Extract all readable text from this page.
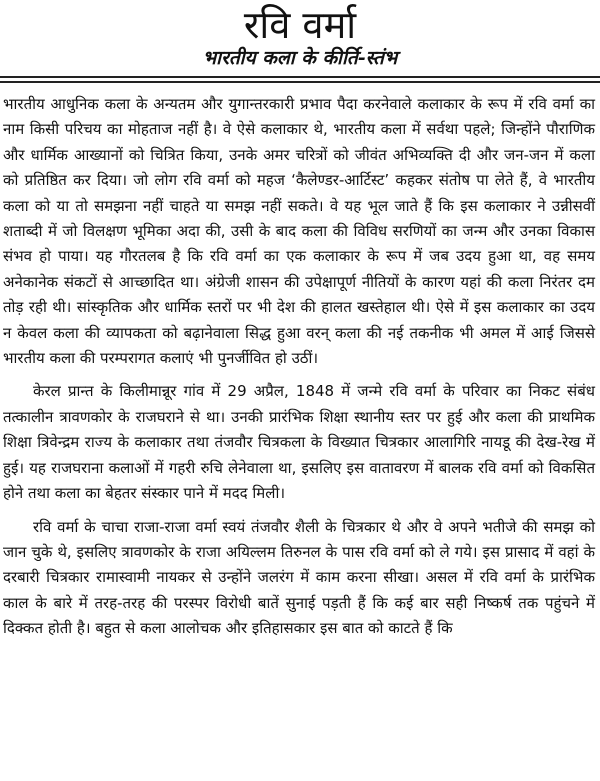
रवि वर्मा
भारतीय कला के कीर्ति-स्तंभ

भारतीय आधुनिक कला के अन्यतम और युगान्तरकारी प्रभाव पैदा करनेवाले कलाकार के रूप में रवि वर्मा का नाम किसी परिचय का मोहताज नहीं है। वे ऐसे कलाकार थे, भारतीय कला में सर्वथा पहले; जिन्होंने पौराणिक और धार्मिक आख्यानों को चित्रित किया, उनके अमर चरित्रों को जीवंत अभिव्यक्ति दी और जन-जन में कला को प्रतिष्ठित कर दिया। जो लोग रवि वर्मा को महज ‘कैलेण्डर-आर्टिस्ट’ कहकर संतोष पा लेते हैं, वे भारतीय कला को या तो समझना नहीं चाहते या समझ नहीं सकते। वे यह भूल जाते हैं कि इस कलाकार ने उन्नीसवीं शताब्दी में जो विलक्षण भूमिका अदा की, उसी के बाद कला की विविध सरणियों का जन्म और उनका विकास संभव हो पाया। यह गौरतलब है कि रवि वर्मा का एक कलाकार के रूप में जब उदय हुआ था, वह समय अनेकानेक संकटों से आच्छादित था। अंग्रेजी शासन की उपेक्षापूर्ण नीतियों के कारण यहां की कला निरंतर दम तोड़ रही थी। सांस्कृतिक और धार्मिक स्तरों पर भी देश की हालत खस्तेहाल थी। ऐसे में इस कलाकार का उदय न केवल कला की व्यापकता को बढ़ानेवाला सिद्ध हुआ वरन् कला की नई तकनीक भी अमल में आई जिससे भारतीय कला की परम्परागत कलाएं भी पुनर्जीवित हो उठीं।

केरल प्रान्त के किलीमान्नूर गांव में 29 अप्रैल, 1848 में जन्मे रवि वर्मा के परिवार का निकट संबंध तत्कालीन त्रावणकोर के राजघराने से था। उनकी प्रारंभिक शिक्षा स्थानीय स्तर पर हुई और कला की प्राथमिक शिक्षा त्रिवेन्द्रम राज्य के कलाकार तथा तंजवौर चित्रकला के विख्यात चित्रकार आलागिरि नायडू की देख-रेख में हुई। यह राजघराना कलाओं में गहरी रुचि लेनेवाला था, इसलिए इस वातावरण में बालक रवि वर्मा को विकसित होने तथा कला का बेहतर संस्कार पाने में मदद मिली।

रवि वर्मा के चाचा राजा-राजा वर्मा स्वयं तंजवौर शैली के चित्रकार थे और वे अपने भतीजे की समझ को जान चुके थे, इसलिए त्रावणकोर के राजा अयिल्लम तिरुनल के पास रवि वर्मा को ले गये। इस प्रासाद में वहां के दरबारी चित्रकार रामास्वामी नायकर से उन्होंने जलरंग में काम करना सीखा। असल में रवि वर्मा के प्रारंभिक काल के बारे में तरह-तरह की परस्पर विरोधी बातें सुनाई पड़ती हैं कि कई बार सही निष्कर्ष तक पहुंचने में दिक्कत होती है। बहुत से कला आलोचक और इतिहासकार इस बात को काटते हैं कि
